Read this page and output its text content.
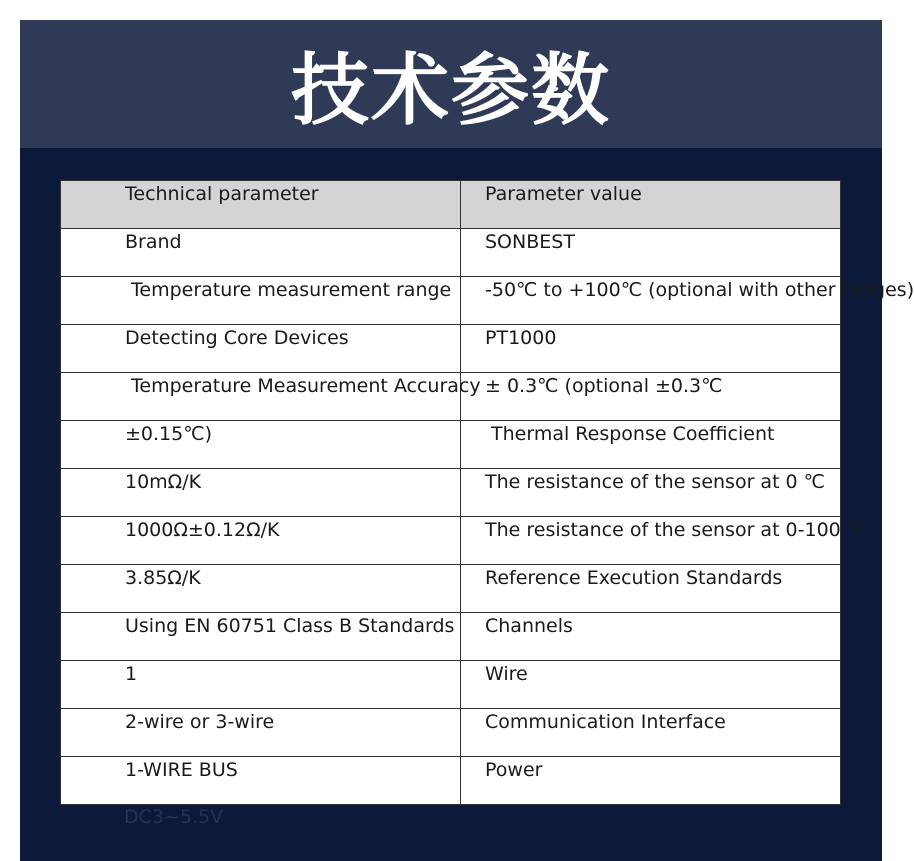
技术参数
Technical parameter	Parameter value
Brand	SONBEST
Temperature measurement range	-50℃ to +100℃ (optional with other ranges)
Detecting Core Devices	PT1000
Temperature Measurement Accuracy ± 0.3℃ (optional ±0.3℃
±0.15℃)	Thermal Response Coefficient
10mΩ/K	The resistance of the sensor at 0 ℃
1000Ω±0.12Ω/K	The resistance of the sensor at 0-100 ℃
3.85Ω/K	Reference Execution Standards
Using EN 60751 Class B Standards	Channels
1	Wire
2-wire or 3-wire	Communication Interface
1-WIRE BUS	Power
DC3~5.5V
